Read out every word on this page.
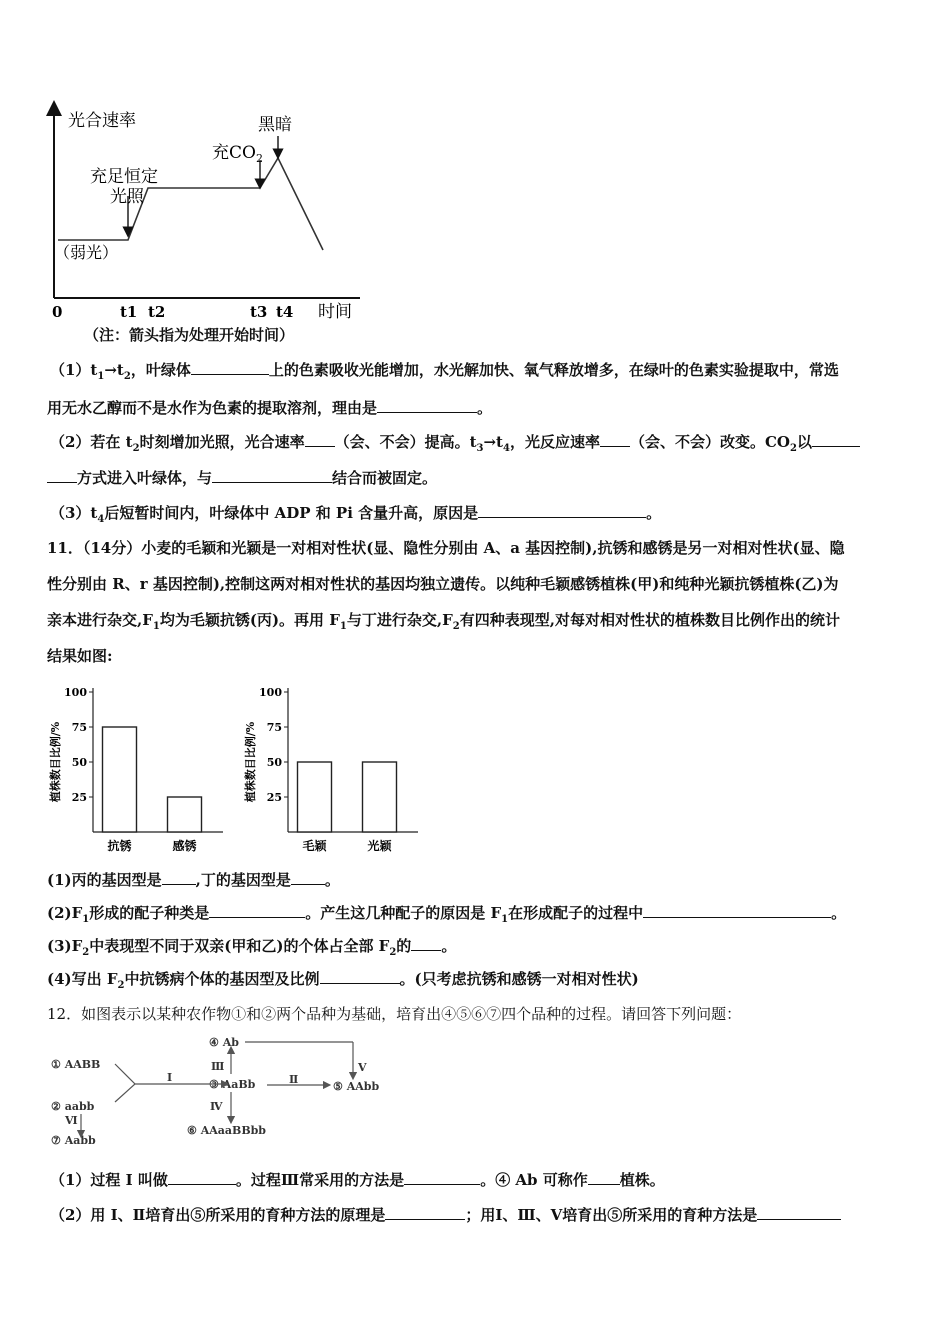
光合速率
时间
0	t1 t2	t3 t4
（弱光）
充足恒定
光照
充$CO_2$
黑暗
（注：箭头指为处理开始时间）
$(1)t_1\to t_2$，叶绿体	上的色素吸收光能增加，水光解加快、氧气释放增多，在绿叶的色素实验提取中，常选
用无水乙醇而不是水作为色素的提取溶剂，理由是	。
（2）若在 $t_2$时刻增加光照，光合速率 （会、不会）提高。$t_3\to t_4$，光反应速率 （会、不会）改变。$CO_2$以
方式进入叶绿体，与	结合而被固定。
$(3)t_4$后短暂时间内，叶绿体中 ADP 和 Pi 含量升高，原因是	。
11．（14分）小麦的毛颖和光颖是一对相对性状(显、隐性分别由 A、a 基因控制),抗锈和感锈是另一对相对性状(显、隐
性分别由 R、r 基因控制),控制这两对相对性状的基因均独立遗传。以纯种毛颖感锈植株(甲)和纯种光颖抗锈植株(乙)为
亲本进行杂交$,F_1$均为毛颖抗锈(丙)。再用 $F_1$与丁进行杂交$,F_2$有四种表现型,对每对相对性状的植株数目比例作出的统计
结果如图:
植株数目比例/%
100
75
50
25
抗锈	感锈
植株数目比例/%
100
75
50
25
毛颖	光颖
(1)丙的基因型是 ,丁的基因型是 。
$(2)F_1$形成的配子种类是	。产生这几种配子的原因是 $F_1$在形成配子的过程中	。
$(3)F_2$中表现型不同于双亲(甲和乙)的个体占全部 $F_2$的 。
(4)写出 $F_2$中抗锈病个体的基因型及比例	。(只考虑抗锈和感锈一对相对性状)
12．如图表示以某种农作物①和②两个品种为基础，培育出④⑤⑥⑦四个品种的过程。请回答下列问题：
① AABB
② aabb
⑦ Aabb
④ Ab
③ AaBb	⑤ AAbb
⑥ AAaaBBbb
Ⅰ	Ⅱ
Ⅲ
Ⅳ
Ⅴ
Ⅵ
（1）过程 I 叫做	。过程Ⅲ常采用的方法是	。④ Ab 可称作 植株。
（2）用 I、Ⅱ培育出⑤所采用的育种方法的原理是	；用Ⅰ、Ⅲ、Ⅴ培育出⑤所采用的育种方法是
